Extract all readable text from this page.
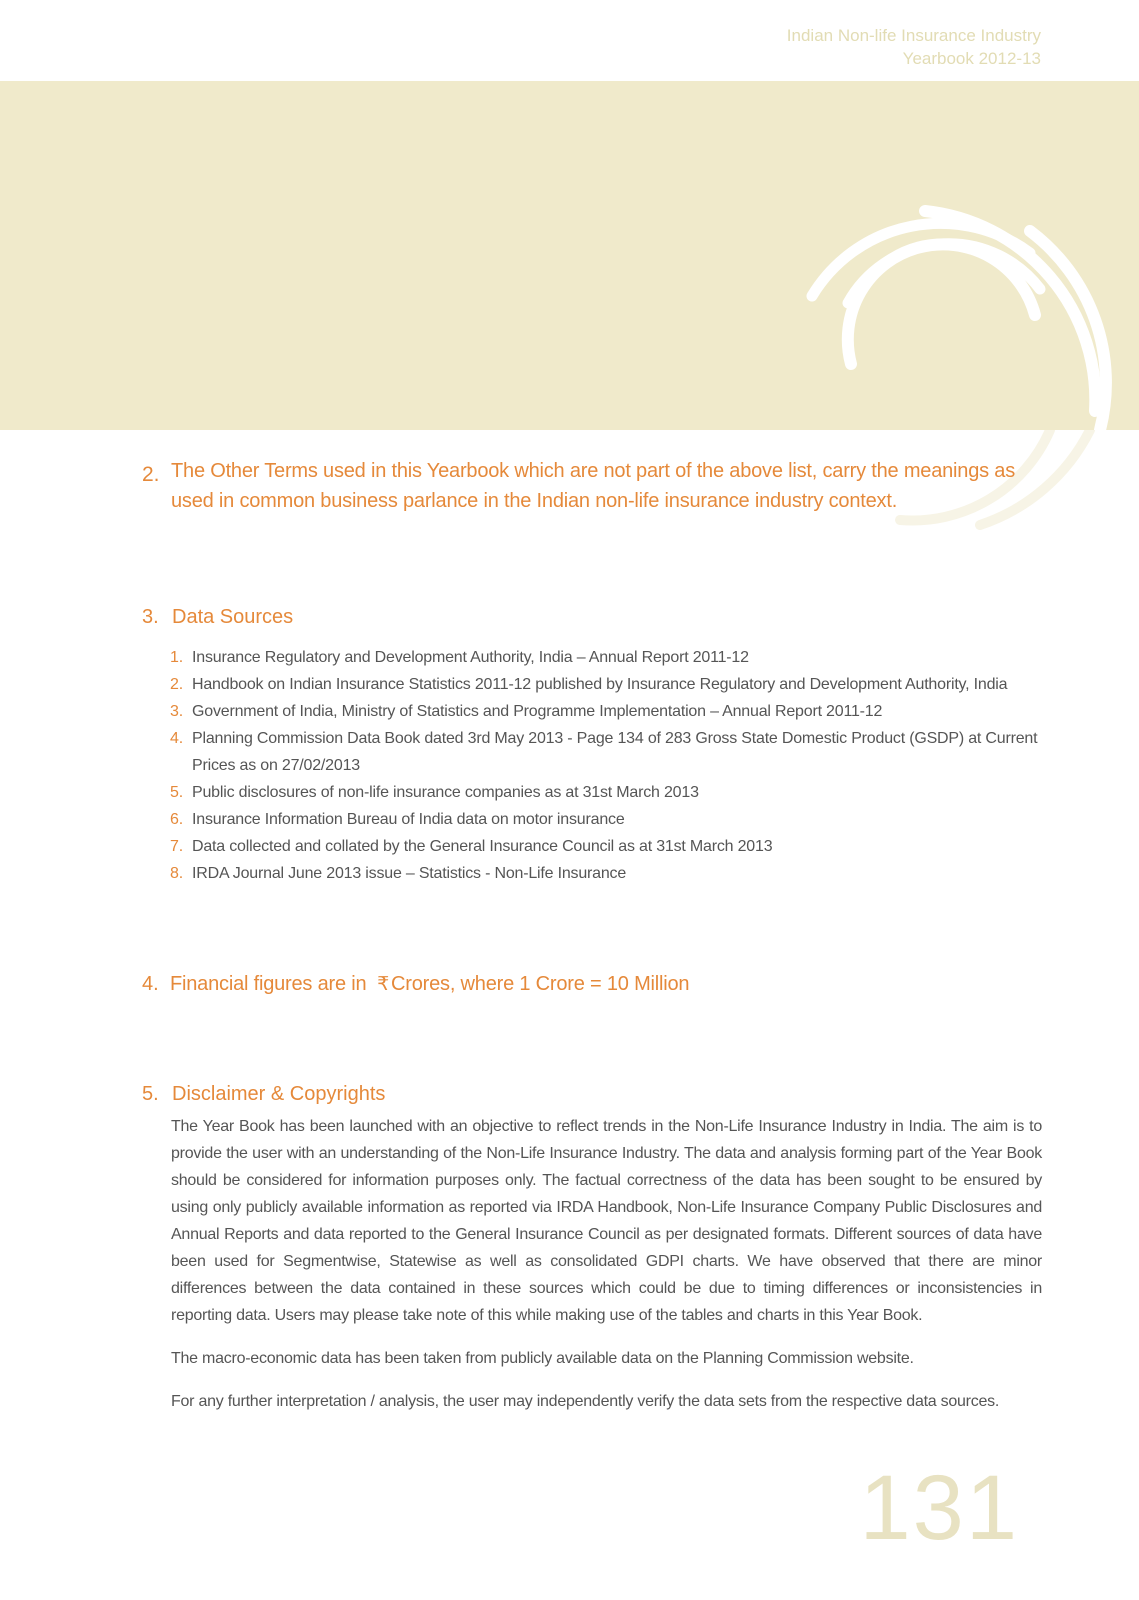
Indian Non-life Insurance Industry
Yearbook 2012-13
2. The Other Terms used in this Yearbook which are not part of the above list, carry the meanings as used in common business parlance in the Indian non-life insurance industry context.
3. Data Sources
1. Insurance Regulatory and Development Authority, India – Annual Report 2011-12
2. Handbook on Indian Insurance Statistics 2011-12 published by Insurance Regulatory and Development Authority, India
3. Government of India, Ministry of Statistics and Programme Implementation – Annual Report 2011-12
4. Planning Commission Data Book dated 3rd May 2013 - Page 134 of 283 Gross State Domestic Product (GSDP) at Current Prices as on 27/02/2013
5. Public disclosures of non-life insurance companies as at 31st March 2013
6. Insurance Information Bureau of India data on motor insurance
7. Data collected and collated by the General Insurance Council as at 31st March 2013
8. IRDA Journal June 2013 issue – Statistics - Non-Life Insurance
4. Financial figures are in ₹ Crores, where 1 Crore = 10 Million
5. Disclaimer & Copyrights

The Year Book has been launched with an objective to reflect trends in the Non-Life Insurance Industry in India. The aim is to provide the user with an understanding of the Non-Life Insurance Industry. The data and analysis forming part of the Year Book should be considered for information purposes only. The factual correctness of the data has been sought to be ensured by using only publicly available information as reported via IRDA Handbook, Non-Life Insurance Company Public Disclosures and Annual Reports and data reported to the General Insurance Council as per designated formats. Different sources of data have been used for Segmentwise, Statewise as well as consolidated GDPI charts. We have observed that there are minor differences between the data contained in these sources which could be due to timing differences or inconsistencies in reporting data. Users may please take note of this while making use of the tables and charts in this Year Book.

The macro-economic data has been taken from publicly available data on the Planning Commission website.

For any further interpretation / analysis, the user may independently verify the data sets from the respective data sources.

131
